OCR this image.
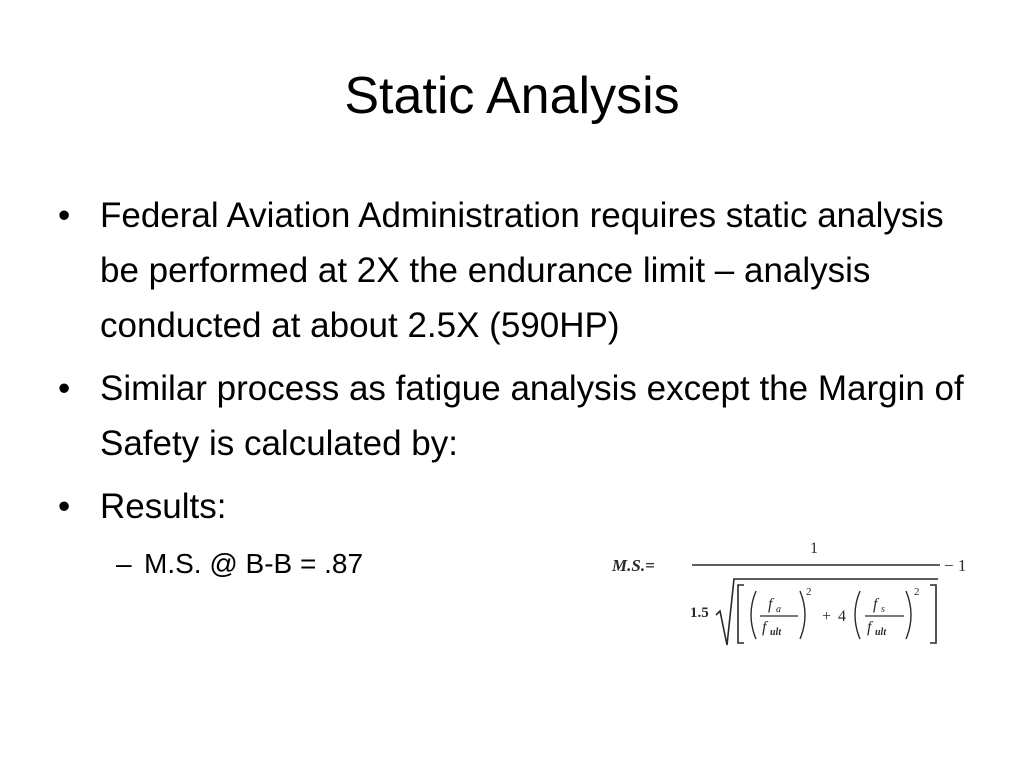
Static Analysis
• Federal Aviation Administration requires static analysis be performed at 2X the endurance limit – analysis conducted at about 2.5X (590HP)
• Similar process as fatigue analysis except the Margin of Safety is calculated by:
• Results:
– M.S. @ B-B = .87	M.S.=
1
− 1
1.5	f a
f ult
2
+ 4
f s
f ult
2
